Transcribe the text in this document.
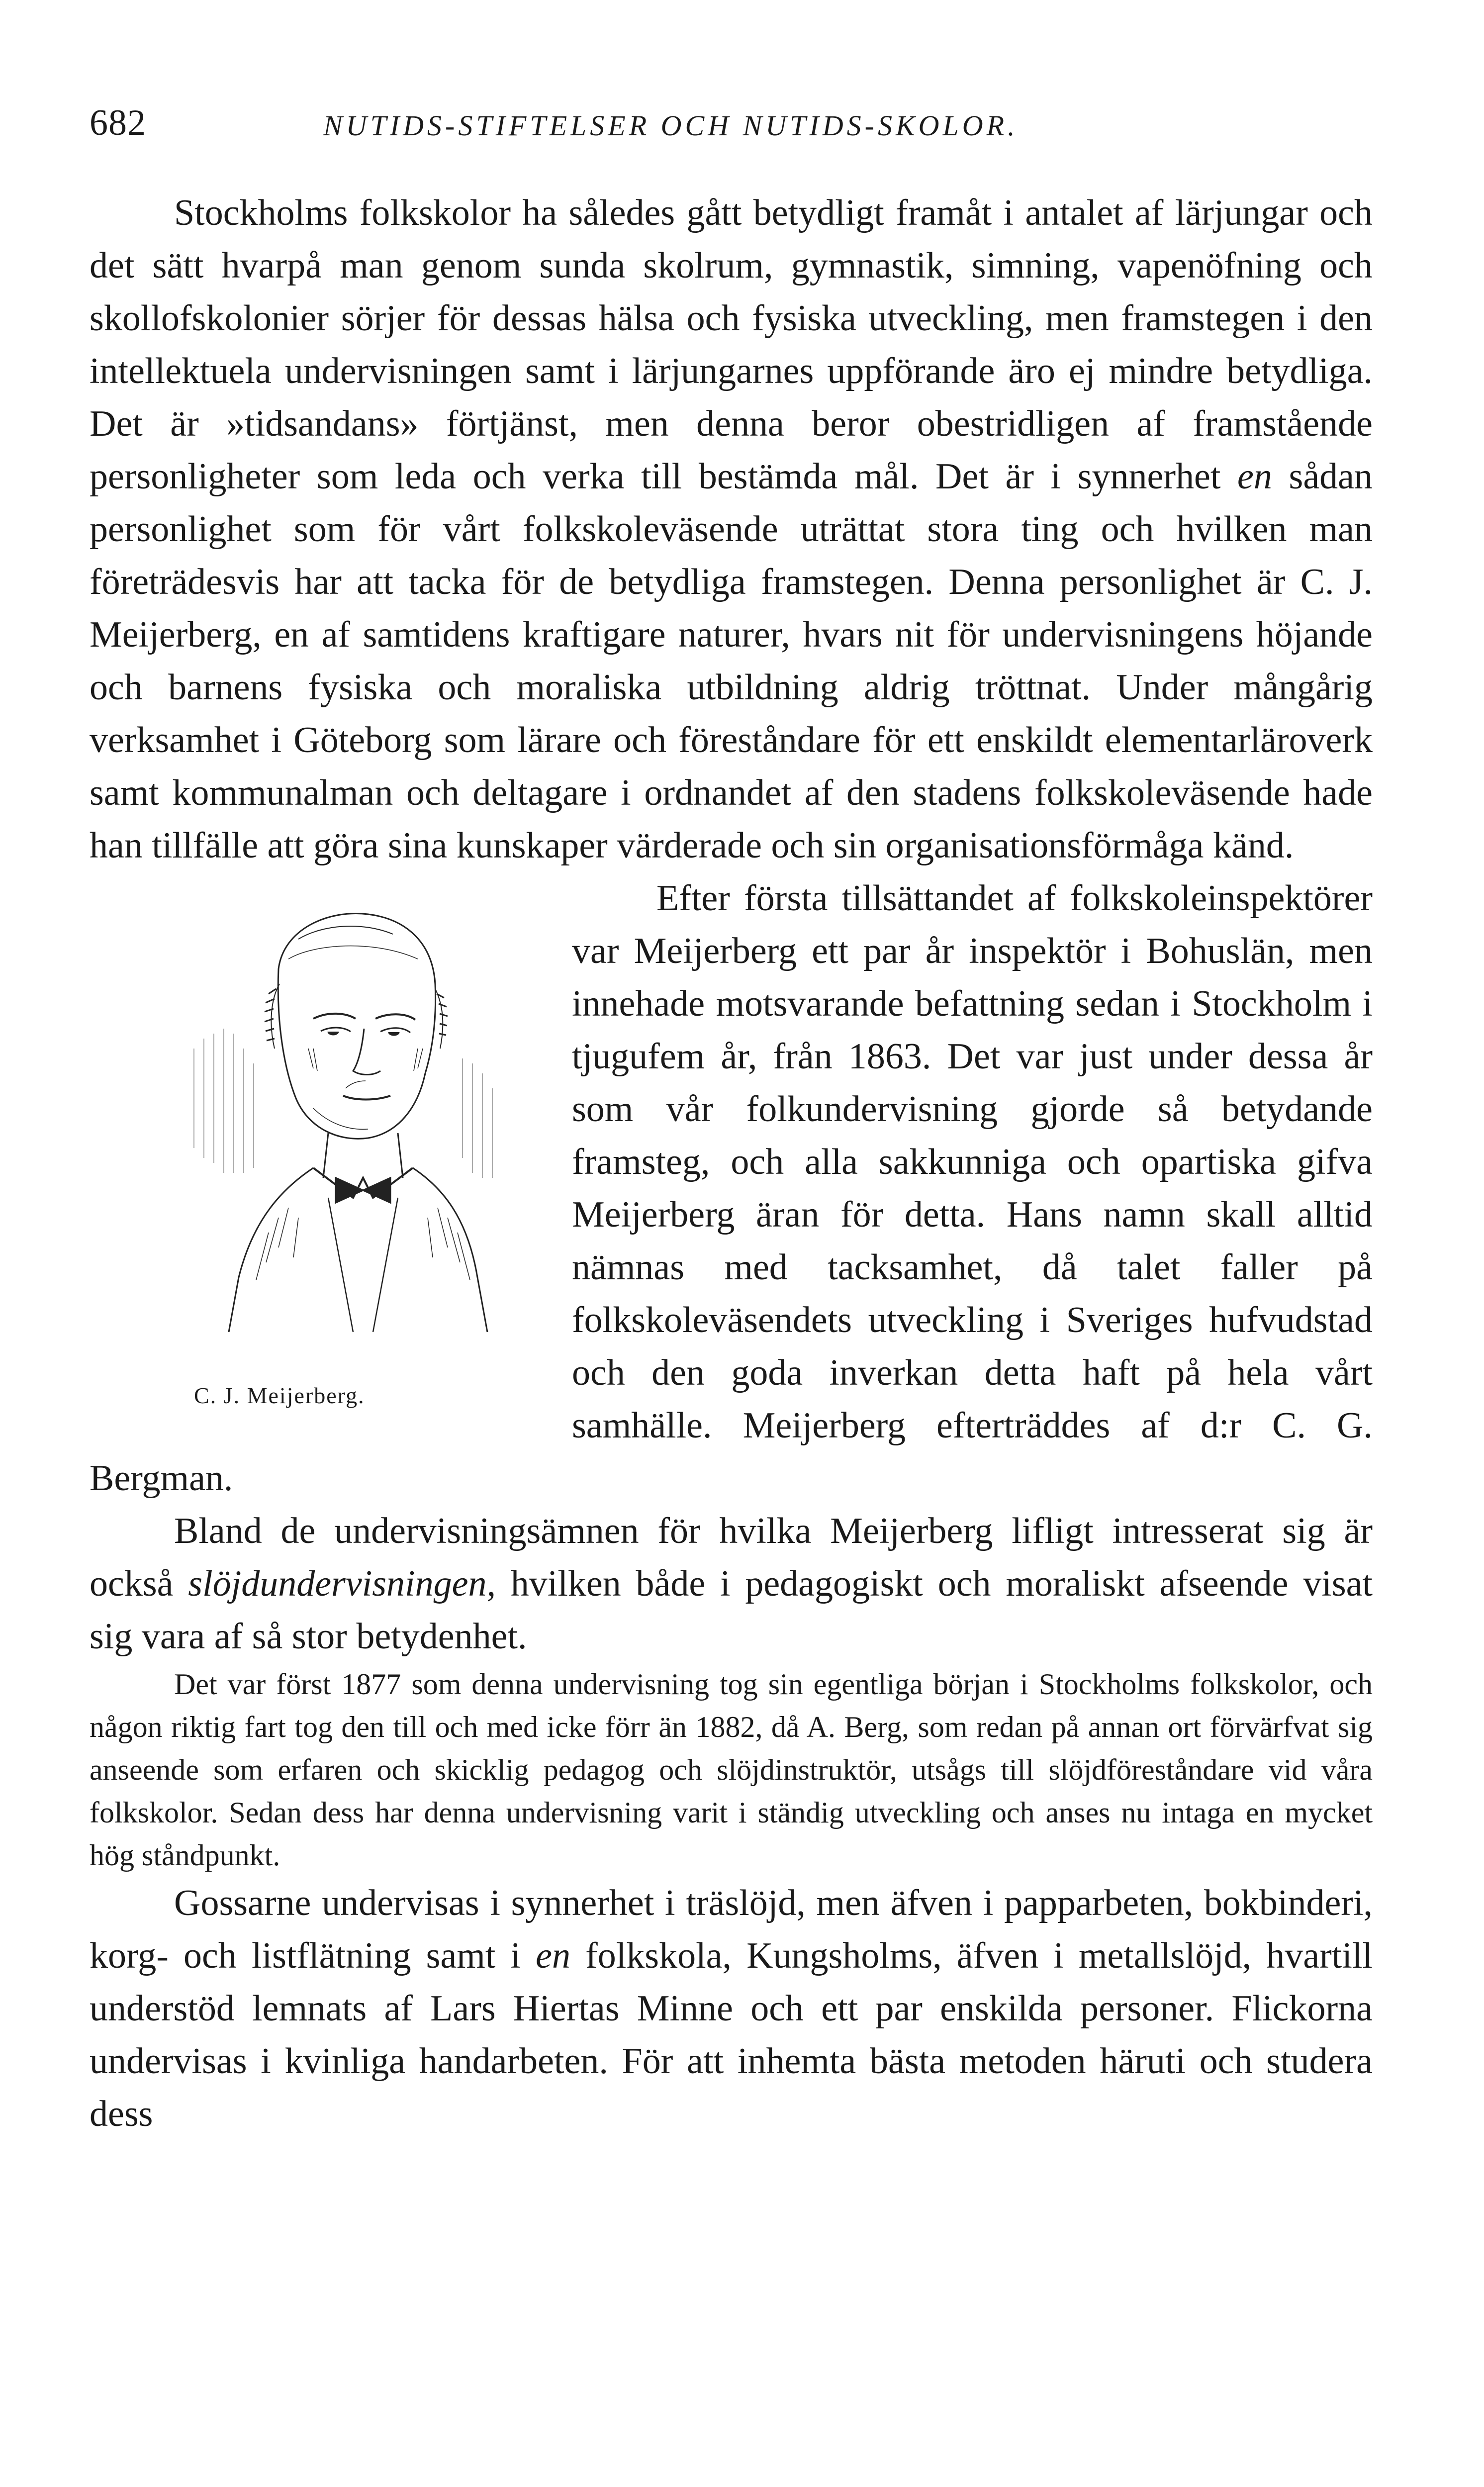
682	NUTIDS-STIFTELSER OCH NUTIDS-SKOLOR.

Stockholms folkskolor ha således gått betydligt framåt i antalet af lärjungar och det sätt hvarpå man genom sunda skolrum, gymnastik, simning, vapenöfning och skollofskolonier sörjer för dessas hälsa och fysiska utveckling, men framstegen i den intellektuela undervisningen samt i lärjungarnes uppförande äro ej mindre betydliga. Det är »tidsandans» förtjänst, men denna beror obestridligen af framstående personligheter som leda och verka till bestämda mål. Det är i synnerhet en sådan personlighet som för vårt folkskoleväsende uträttat stora ting och hvilken man företrädesvis har att tacka för de betydliga framstegen. Denna personlighet är C. J. Meijerberg, en af samtidens kraftigare naturer, hvars nit för undervisningens höjande och barnens fysiska och moraliska utbildning aldrig tröttnat. Under mångårig verksamhet i Göteborg som lärare och föreståndare för ett enskildt elementarläroverk samt kommunalman och deltagare i ordnandet af den stadens folkskoleväsende hade han tillfälle att göra sina kunskaper värderade och sin organisationsförmåga känd.

C. J. Meijerberg.

Efter första tillsättandet af folkskoleinspektörer var Meijerberg ett par år inspektör i Bohuslän, men innehade motsvarande befattning sedan i Stockholm i tjugufem år, från 1863. Det var just under dessa år som vår folkundervisning gjorde så betydande framsteg, och alla sakkunniga och opartiska gifva Meijerberg äran för detta. Hans namn skall alltid nämnas med tacksamhet, då talet faller på folkskoleväsendets utveckling i Sveriges hufvudstad och den goda inverkan detta haft på hela vårt samhälle. Meijerberg efterträddes af d:r C. G. Bergman.

Bland de undervisningsämnen för hvilka Meijerberg lifligt intresserat sig är också slöjdundervisningen, hvilken både i pedagogiskt och moraliskt afseende visat sig vara af så stor betydenhet.

Det var först 1877 som denna undervisning tog sin egentliga början i Stockholms folkskolor, och någon riktig fart tog den till och med icke förr än 1882, då A. Berg, som redan på annan ort förvärfvat sig anseende som erfaren och skicklig pedagog och slöjdinstruktör, utsågs till slöjdföreståndare vid våra folkskolor. Sedan dess har denna undervisning varit i ständig utveckling och anses nu intaga en mycket hög ståndpunkt.

Gossarne undervisas i synnerhet i träslöjd, men äfven i papparbeten, bokbinderi, korg- och listflätning samt i en folkskola, Kungsholms, äfven i metallslöjd, hvartill understöd lemnats af Lars Hiertas Minne och ett par enskilda personer. Flickorna undervisas i kvinliga handarbeten. För att inhemta bästa metoden häruti och studera dess
